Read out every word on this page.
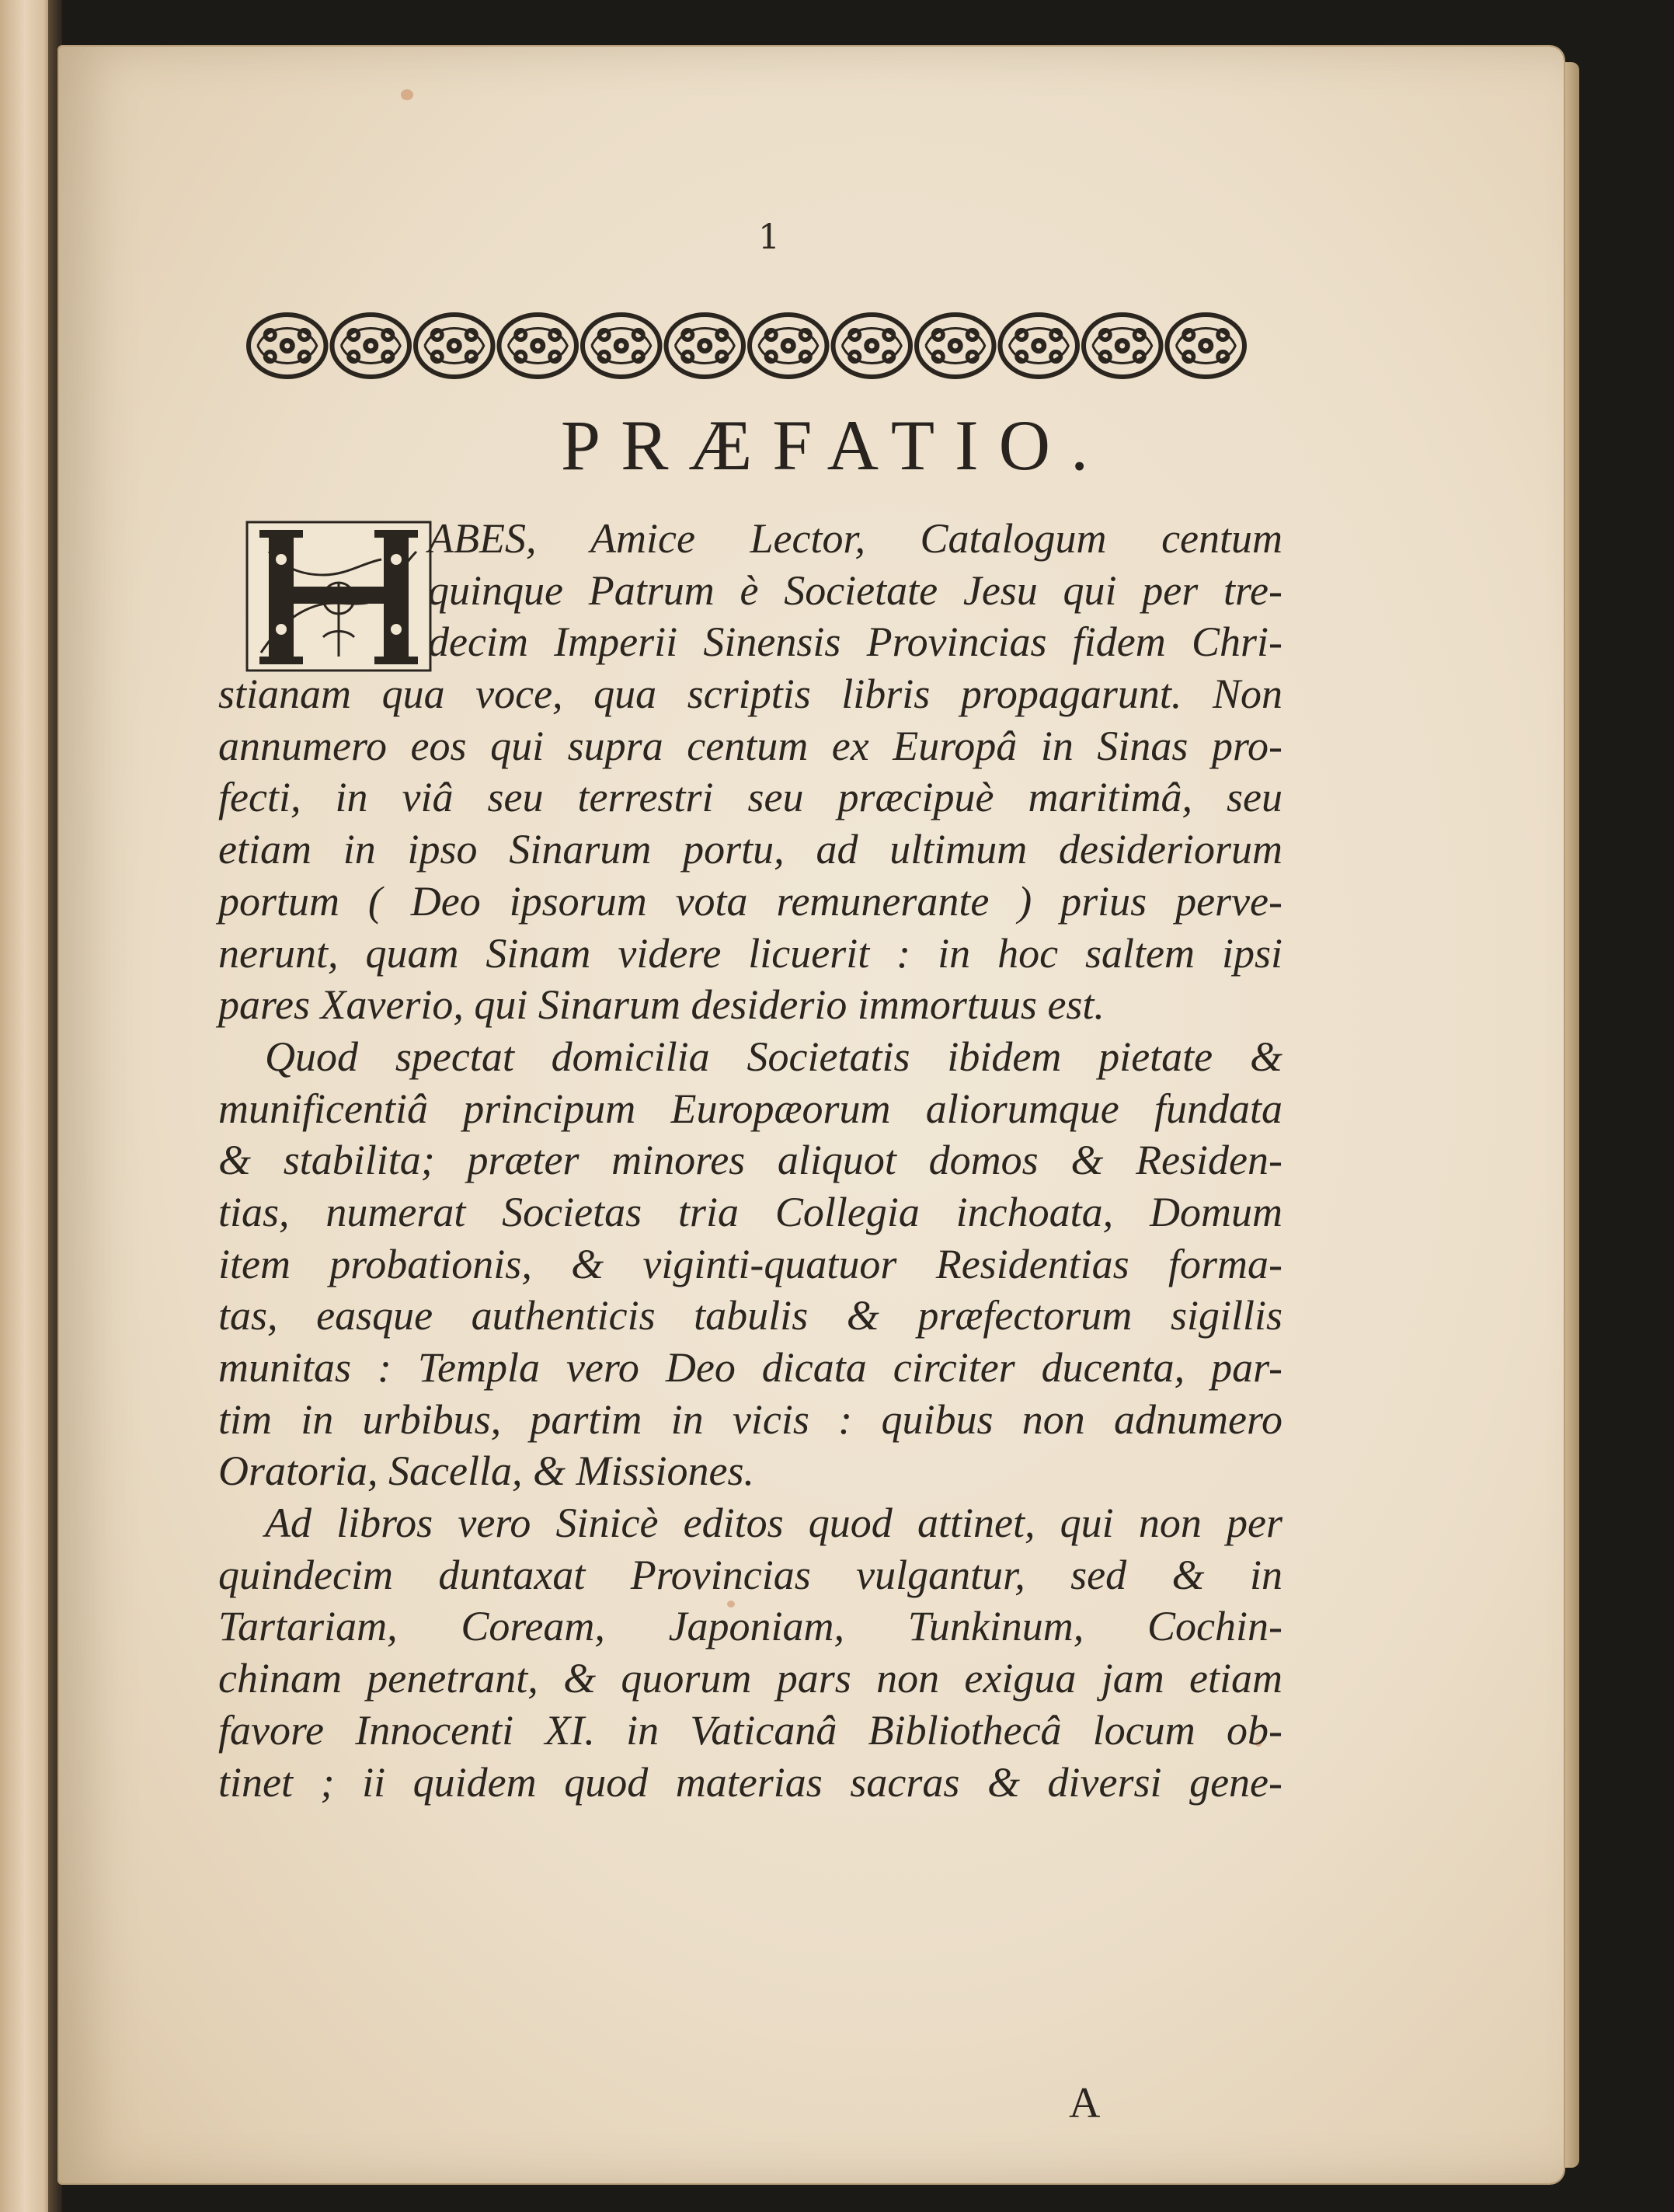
1
PRÆFATIO.
ABES, Amice Lector, Catalogum centum
quinque Patrum è Societate Jesu qui per tre-
decim Imperii Sinensis Provincias fidem Chri-
stianam qua voce, qua scriptis libris propagarunt. Non
annumero eos qui supra centum ex Europâ in Sinas pro-
fecti, in viâ seu terrestri seu præcipuè maritimâ, seu
etiam in ipso Sinarum portu, ad ultimum desideriorum
portum ( Deo ipsorum vota remunerante ) prius perve-
nerunt, quam Sinam videre licuerit : in hoc saltem ipsi
pares Xaverio, qui Sinarum desiderio immortuus est.
Quod spectat domicilia Societatis ibidem pietate &
munificentiâ principum Europæorum aliorumque fundata
& stabilita; præter minores aliquot domos & Residen-
tias, numerat Societas tria Collegia inchoata, Domum
item probationis, & viginti-quatuor Residentias forma-
tas, easque authenticis tabulis & præfectorum sigillis
munitas : Templa vero Deo dicata circiter ducenta, par-
tim in urbibus, partim in vicis : quibus non adnumero
Oratoria, Sacella, & Missiones.
Ad libros vero Sinicè editos quod attinet, qui non per
quindecim duntaxat Provincias vulgantur, sed & in
Tartariam, Coream, Japoniam, Tunkinum, Cochin-
chinam penetrant, & quorum pars non exigua jam etiam
favore Innocenti XI. in Vaticanâ Bibliothecâ locum ob-
tinet ; ii quidem quod materias sacras & diversi gene-
A
